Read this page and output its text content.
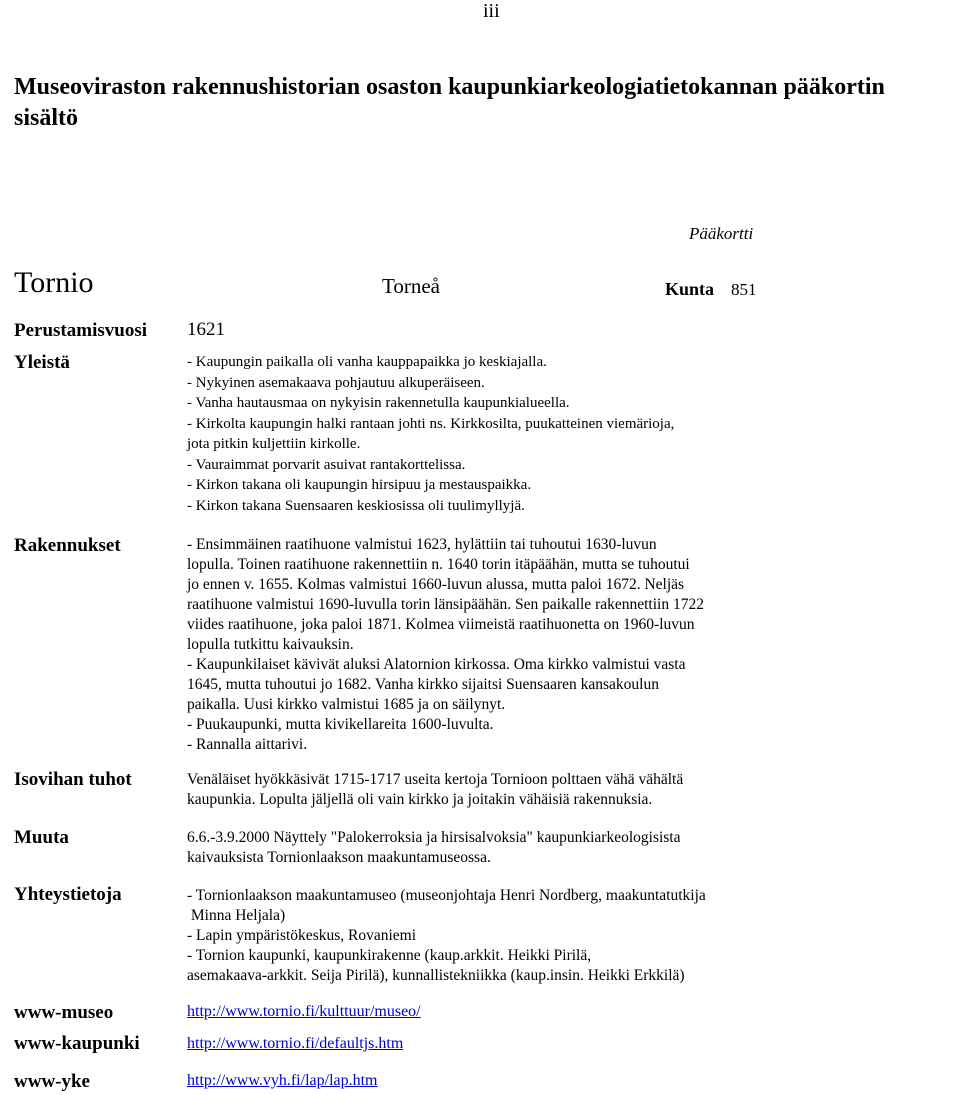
iii
Museoviraston rakennushistorian osaston kaupunkiarkeologiatietokannan pääkortin sisältö
Pääkortti
Tornio	Torneå	Kunta 851
Perustamisvuosi 1621
Yleistä	- Kaupungin paikalla oli vanha kauppapaikka jo keskiajalla.
- Nykyinen asemakaava pohjautuu alkuperäiseen.
- Vanha hautausmaa on nykyisin rakennetulla kaupunkialueella.
- Kirkolta kaupungin halki rantaan johti ns. Kirkkosilta, puukatteinen viemärioja,
jota pitkin kuljettiin kirkolle.
- Vauraimmat porvarit asuivat rantakorttelissa.
- Kirkon takana oli kaupungin hirsipuu ja mestauspaikka.
- Kirkon takana Suensaaren keskiosissa oli tuulimyllyjä.
Rakennukset	- Ensimmäinen raatihuone valmistui 1623, hylättiin tai tuhoutui 1630-luvun
lopulla. Toinen raatihuone rakennettiin n. 1640 torin itäpäähän, mutta se tuhoutui
jo ennen v. 1655. Kolmas valmistui 1660-luvun alussa, mutta paloi 1672. Neljäs
raatihuone valmistui 1690-luvulla torin länsipäähän. Sen paikalle rakennettiin 1722
viides raatihuone, joka paloi 1871. Kolmea viimeistä raatihuonetta on 1960-luvun
lopulla tutkittu kaivauksin.
- Kaupunkilaiset kävivät aluksi Alatornion kirkossa. Oma kirkko valmistui vasta
1645, mutta tuhoutui jo 1682. Vanha kirkko sijaitsi Suensaaren kansakoulun
paikalla. Uusi kirkko valmistui 1685 ja on säilynyt.
- Puukaupunki, mutta kivikellareita 1600-luvulta.
- Rannalla aittarivi.
Isovihan tuhot	Venäläiset hyökkäsivät 1715-1717 useita kertoja Tornioon polttaen vähä vähältä
kaupunkia. Lopulta jäljellä oli vain kirkko ja joitakin vähäisiä rakennuksia.
Muuta	6.6.-3.9.2000 Näyttely "Palokerroksia ja hirsisalvoksia" kaupunkiarkeologisista
kaivauksista Tornionlaakson maakuntamuseossa.
Yhteystietoja	- Tornionlaakson maakuntamuseo (museonjohtaja Henri Nordberg, maakuntatutkija
Minna Heljala)
- Lapin ympäristökeskus, Rovaniemi
- Tornion kaupunki, kaupunkirakenne (kaup.arkkit. Heikki Pirilä,
asemakaava-arkkit. Seija Pirilä), kunnallistekniikka (kaup.insin. Heikki Erkkilä)
www-museo	http://www.tornio.fi/kulttuur/museo/
www-kaupunki	http://www.tornio.fi/defaultjs.htm
www-yke	http://www.vyh.fi/lap/lap.htm
